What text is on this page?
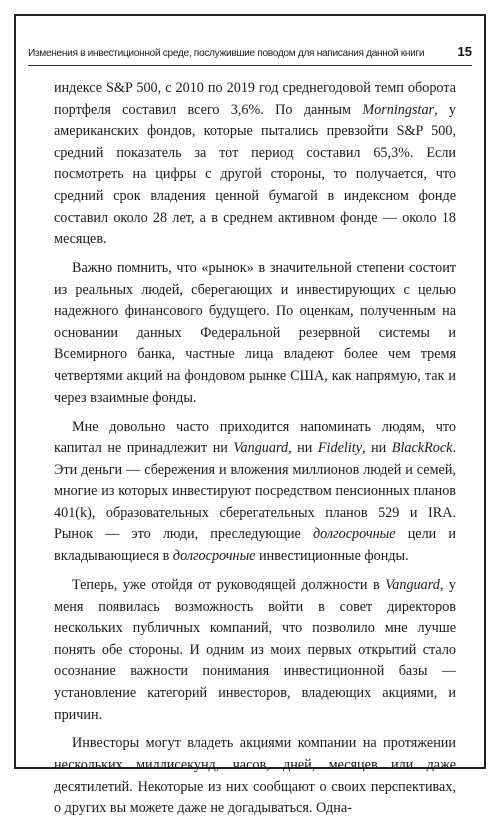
Изменения в инвестиционной среде, послужившие поводом для написания данной книги	15

индексе S&P 500, с 2010 по 2019 год среднегодовой темп оборота портфеля составил всего 3,6%. По данным Morningstar, у американских фондов, которые пытались превзойти S&P 500, средний показатель за тот период составил 65,3%. Если посмотреть на цифры с другой стороны, то получается, что средний срок владения ценной бумагой в индексном фонде составил около 28 лет, а в среднем активном фонде — около 18 месяцев.

Важно помнить, что «рынок» в значительной степени состоит из реальных людей, сберегающих и инвестирующих с целью надежного финансового будущего. По оценкам, полученным на основании данных Федеральной резервной системы и Всемирного банка, частные лица владеют более чем тремя четвертями акций на фондовом рынке США, как напрямую, так и через взаимные фонды.

Мне довольно часто приходится напоминать людям, что капитал не принадлежит ни Vanguard, ни Fidelity, ни BlackRock. Эти деньги — сбережения и вложения миллионов людей и семей, многие из которых инвестируют посредством пенсионных планов 401(k), образовательных сберегательных планов 529 и IRA. Рынок — это люди, преследующие долгосрочные цели и вкладывающиеся в долгосрочные инвестиционные фонды.

Теперь, уже отойдя от руководящей должности в Vanguard, у меня появилась возможность войти в совет директоров нескольких публичных компаний, что позволило мне лучше понять обе стороны. И одним из моих первых открытий стало осознание важности понимания инвестиционной базы — установление категорий инвесторов, владеющих акциями, и причин.

Инвесторы могут владеть акциями компании на протяжении нескольких миллисекунд, часов, дней, месяцев или даже десятилетий. Некоторые из них сообщают о своих перспективах, о других вы можете даже не догадываться. Одна-
